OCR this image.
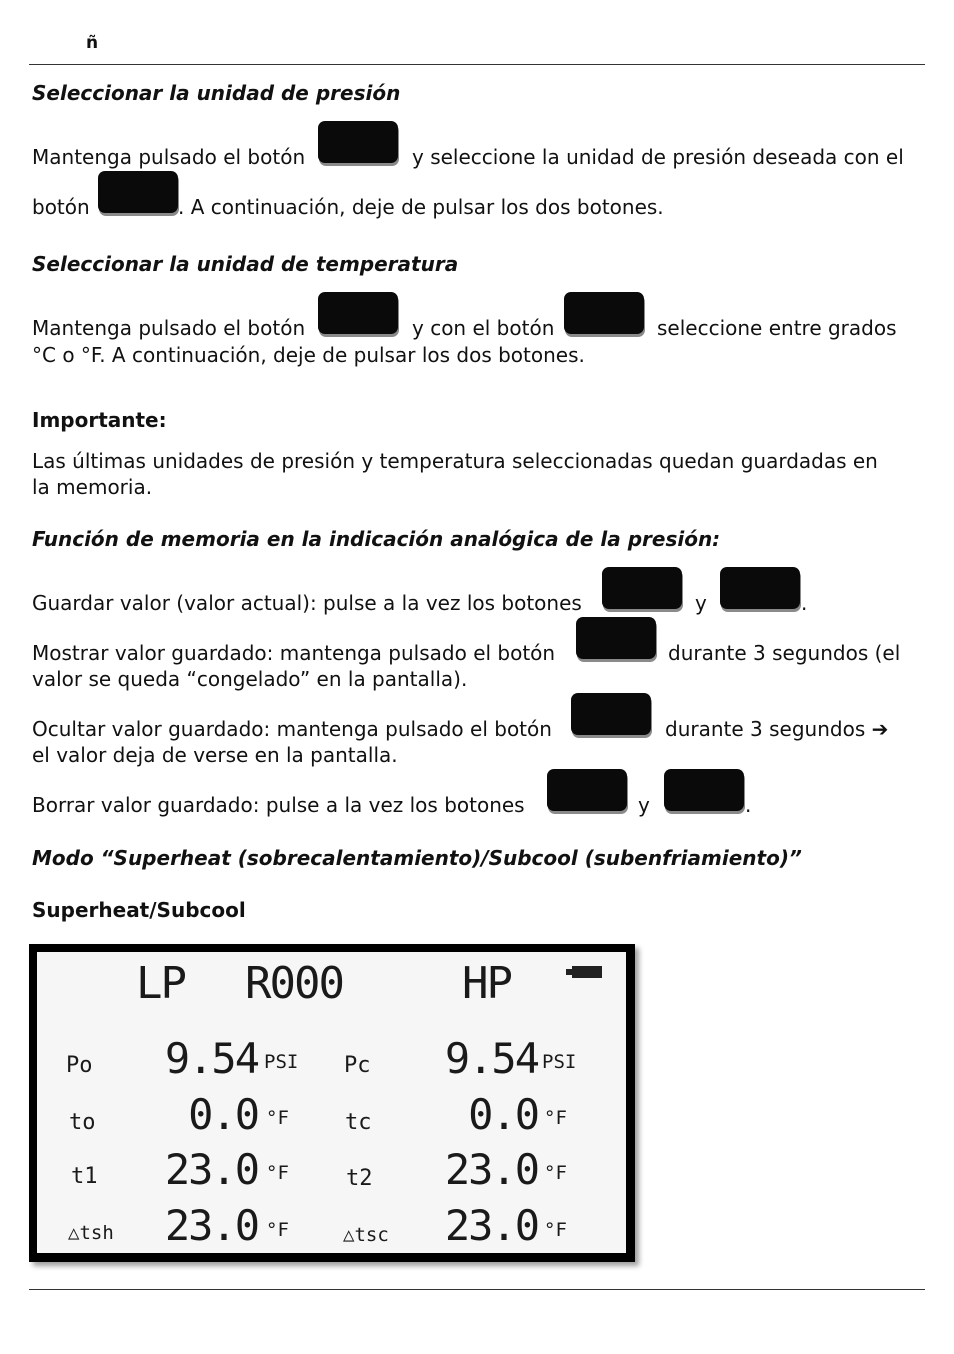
ñ
Seleccionar la unidad de presión
Mantenga pulsado el botón	y seleccione la unidad de presión deseada con el
botón	. A continuación, deje de pulsar los dos botones.
Seleccionar la unidad de temperatura
Mantenga pulsado el botón	y con el botón	seleccione entre grados
°C o °F. A continuación, deje de pulsar los dos botones.
Importante:
Las últimas unidades de presión y temperatura seleccionadas quedan guardadas en
la memoria.
Función de memoria en la indicación analógica de la presión:
Guardar valor (valor actual): pulse a la vez los botones	y	.
Mostrar valor guardado: mantenga pulsado el botón	durante 3 segundos (el
valor se queda “congelado” en la pantalla).
Ocultar valor guardado: mantenga pulsado el botón	durante 3 segundos ➔
el valor deja de verse en la pantalla.
Borrar valor guardado: pulse a la vez los botones	y	.
Modo “Superheat (sobrecalentamiento)/Subcool (subenfriamiento)”
Superheat/Subcool
LP R000	HP
Po	9.54 PSI Pc	9.54 PSI
to	0.0 °F	tc	0.0 °F
t1	23.0 °F	t2	23.0 °F
△tsh	23.0 °F	△tsc	23.0 °F
